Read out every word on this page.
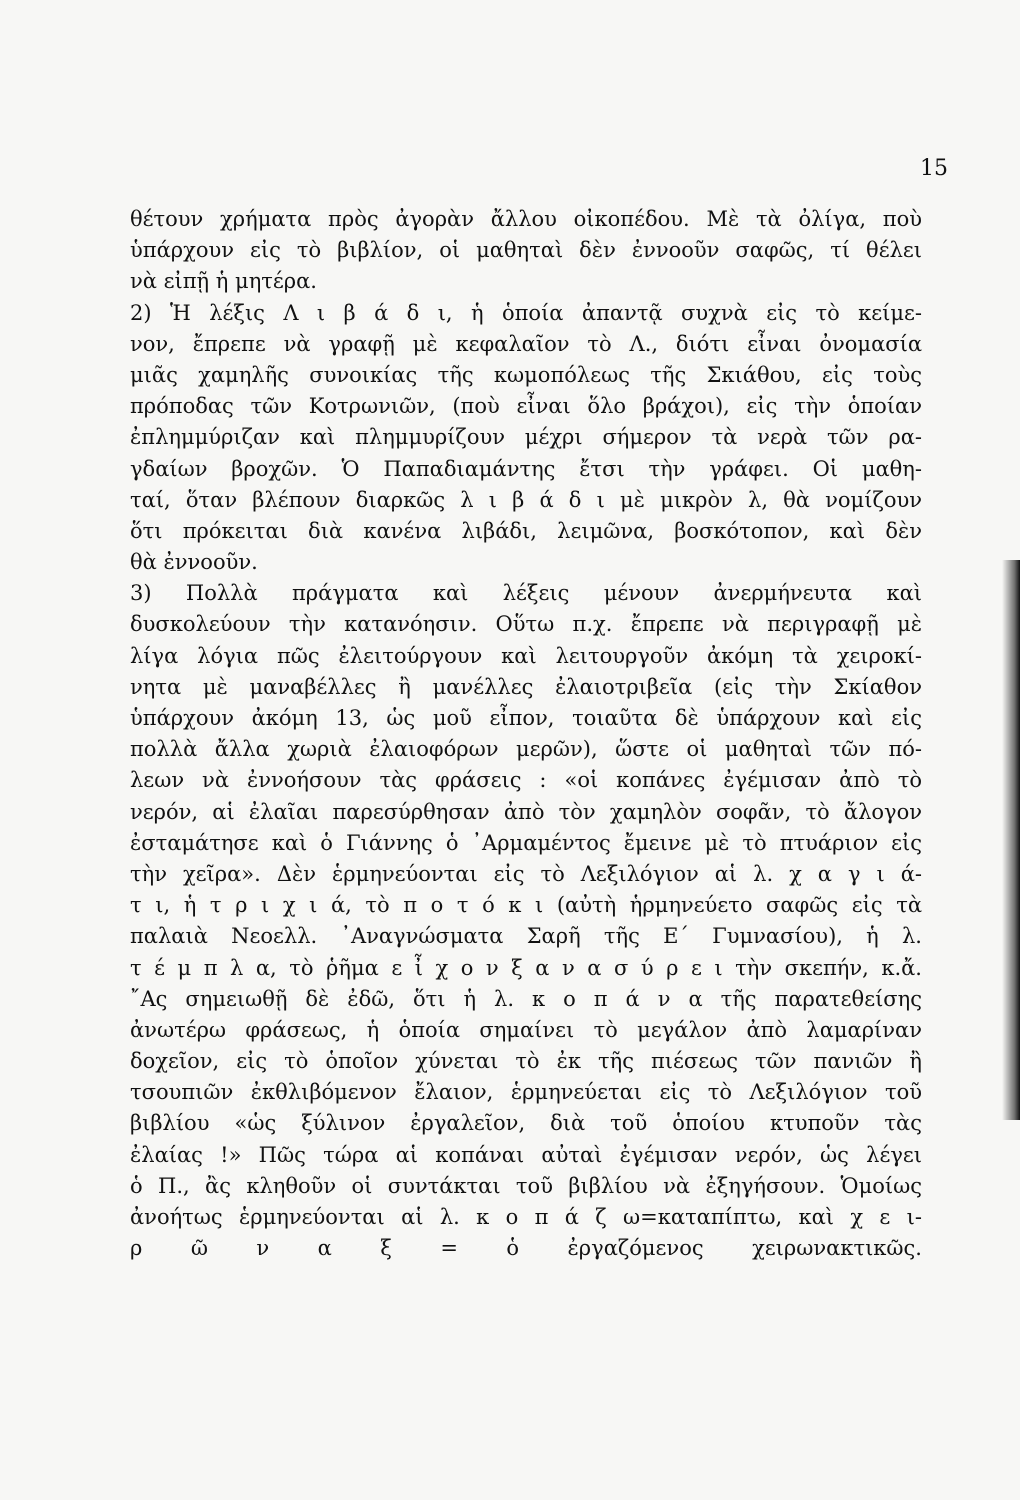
15
θέτουν χρήματα πρὸς ἀγορὰν ἄλλου οἰκοπέδου. Μὲ τὰ ὀλίγα, ποὺ
ὑπάρχουν εἰς τὸ βιβλίον, οἱ μαθηταὶ δὲν ἐννοοῦν σαφῶς, τί θέλει
νὰ εἰπῇ ἡ μητέρα.
2) Ἡ λέξις Λ ι β ά δ ι, ἡ ὁποία ἀπαντᾷ συχνὰ εἰς τὸ κείμε-
νον, ἔπρεπε νὰ γραφῇ μὲ κεφαλαῖον τὸ Λ., διότι εἶναι ὀνομασία
μιᾶς χαμηλῆς συνοικίας τῆς κωμοπόλεως τῆς Σκιάθου, εἰς τοὺς
πρόποδας τῶν Κοτρωνιῶν, (ποὺ εἶναι ὅλο βράχοι), εἰς τὴν ὁποίαν
ἐπλημμύριζαν καὶ πλημμυρίζουν μέχρι σήμερον τὰ νερὰ τῶν ρα-
γδαίων βροχῶν. Ὁ Παπαδιαμάντης ἔτσι τὴν γράφει. Οἱ μαθη-
ταί, ὅταν βλέπουν διαρκῶς λ ι β ά δ ι μὲ μικρὸν λ, θὰ νομίζουν
ὅτι πρόκειται διὰ κανένα λιβάδι, λειμῶνα, βοσκότοπον, καὶ δὲν
θὰ ἐννοοῦν.
3) Πολλὰ πράγματα καὶ λέξεις μένουν ἀνερμήνευτα καὶ
δυσκολεύουν τὴν κατανόησιν. Οὕτω π.χ. ἔπρεπε νὰ περιγραφῇ μὲ
λίγα λόγια πῶς ἐλειτούργουν καὶ λειτουργοῦν ἀκόμη τὰ χειροκί-
νητα μὲ μαναβέλλες ἢ μανέλλες ἐλαιοτριβεῖα (εἰς τὴν Σκίαθον
ὑπάρχουν ἀκόμη 13, ὡς μοῦ εἶπον, τοιαῦτα δὲ ὑπάρχουν καὶ εἰς
πολλὰ ἄλλα χωριὰ ἐλαιοφόρων μερῶν), ὥστε οἱ μαθηταὶ τῶν πό-
λεων νὰ ἐννοήσουν τὰς φράσεις : «οἱ κοπάνες ἐγέμισαν ἀπὸ τὸ
νερόν, αἱ ἐλαῖαι παρεσύρθησαν ἀπὸ τὸν χαμηλὸν σοφᾶν, τὸ ἄλογον
ἐσταμάτησε καὶ ὁ Γιάννης ὁ ᾿Αρμαμέντος ἔμεινε μὲ τὸ πτυάριον εἰς
τὴν χεῖρα». Δὲν ἑρμηνεύονται εἰς τὸ Λεξιλόγιον αἱ λ. χ α γ ι ά-
τ ι, ἡ τ ρ ι χ ι ά, τὸ π ο τ ό κ ι (αὐτὴ ἡρμηνεύετο σαφῶς εἰς τὰ
παλαιὰ Νεοελλ. ᾿Αναγνώσματα Σαρῆ τῆς Ε΄ Γυμνασίου), ἡ λ.
τ έ μ π λ α, τὸ ῥῆμα ε ἶ χ ο ν ξ α ν α σ ύ ρ ε ι τὴν σκεπήν, κ.ἄ.
῎Ας σημειωθῇ δὲ ἐδῶ, ὅτι ἡ λ. κ ο π ά ν α τῆς παρατεθείσης
ἀνωτέρω φράσεως, ἡ ὁποία σημαίνει τὸ μεγάλον ἀπὸ λαμαρίναν
δοχεῖον, εἰς τὸ ὁποῖον χύνεται τὸ ἐκ τῆς πιέσεως τῶν πανιῶν ἢ
τσουπιῶν ἐκθλιβόμενον ἔλαιον, ἑρμηνεύεται εἰς τὸ Λεξιλόγιον τοῦ
βιβλίου «ὡς ξύλινον ἐργαλεῖον, διὰ τοῦ ὁποίου κτυποῦν τὰς
ἐλαίας !» Πῶς τώρα αἱ κοπάναι αὐταὶ ἐγέμισαν νερόν, ὡς λέγει
ὁ Π., ἂς κληθοῦν οἱ συντάκται τοῦ βιβλίου νὰ ἐξηγήσουν. Ὁμοίως
ἀνοήτως ἑρμηνεύονται αἱ λ. κ ο π ά ζ ω=καταπίπτω, καὶ χ ε ι-
ρ ῶ ν α ξ = ὁ ἐργαζόμενος χειρωνακτικῶς.
